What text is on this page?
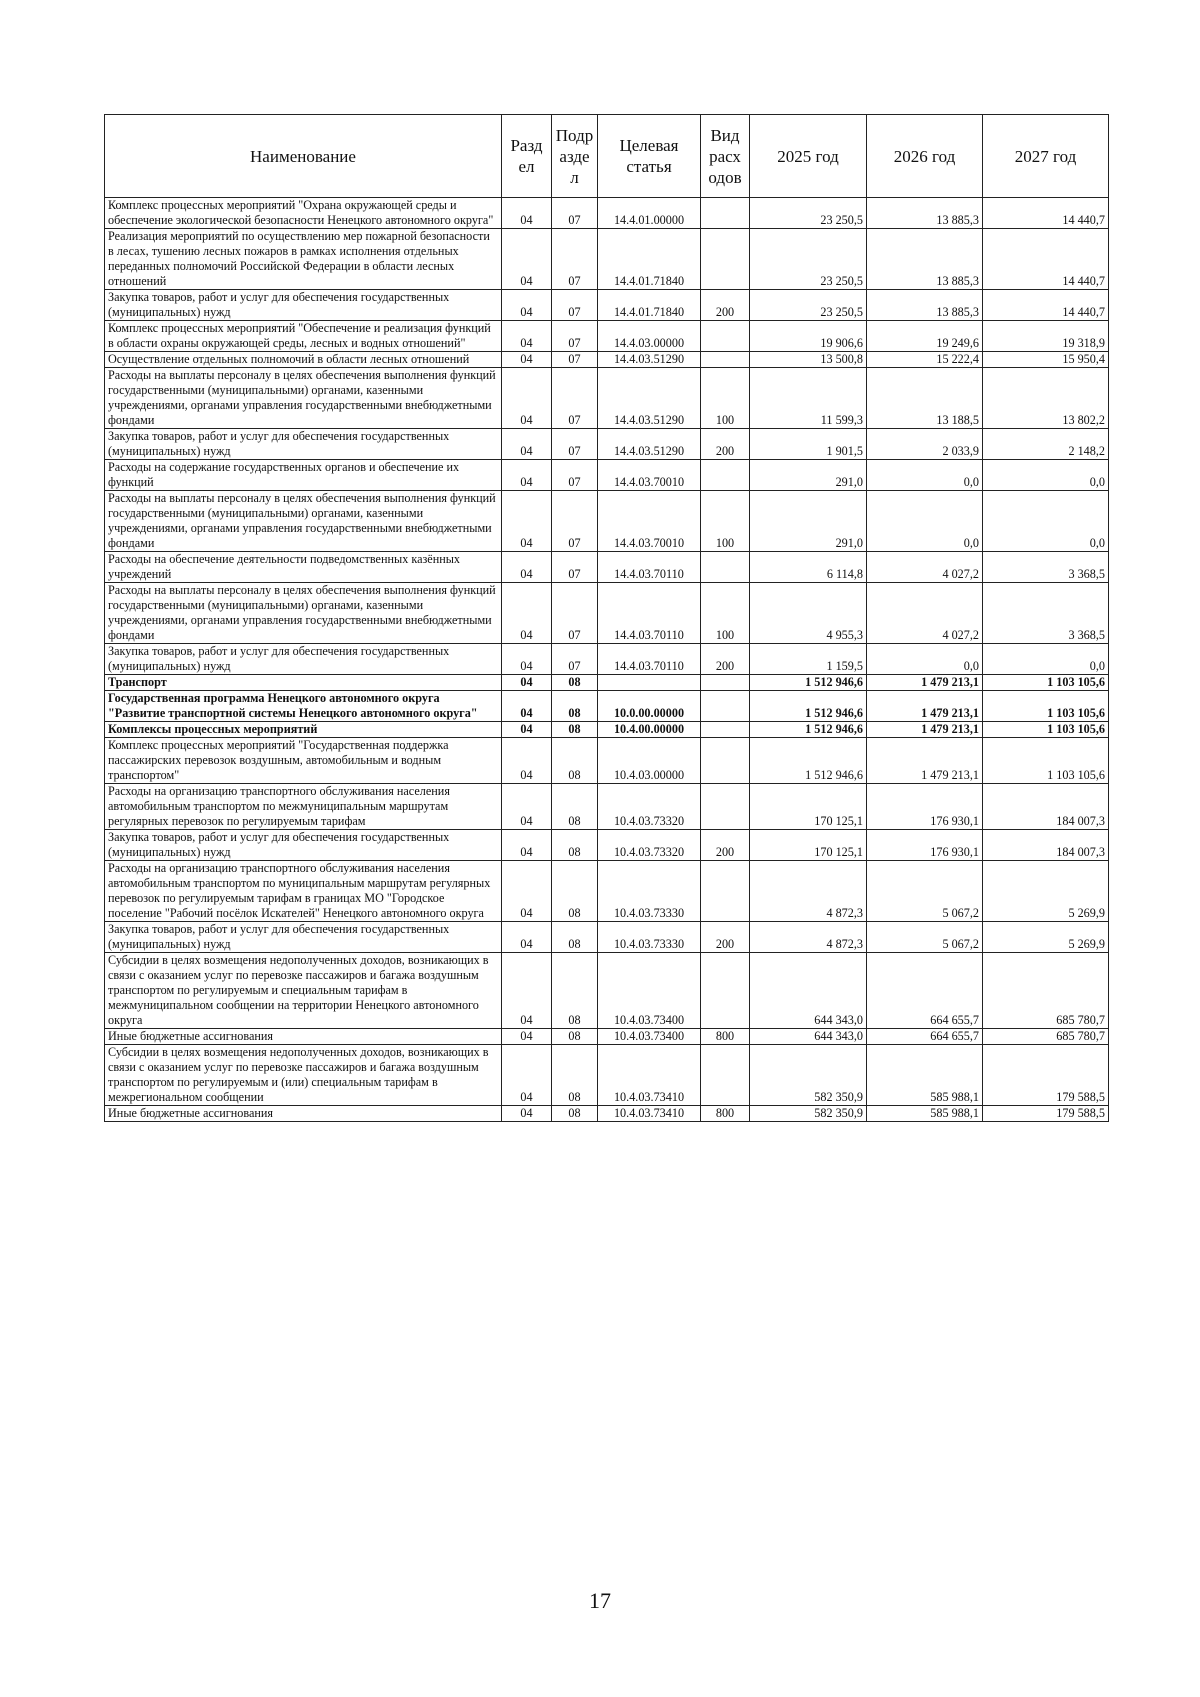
Наименование	Разд ел	Подр азде л	Целевая статья	Вид расх одов	2025 год	2026 год	2027 год
Комплекс процессных мероприятий "Охрана окружающей среды и обеспечение экологической безопасности Ненецкого автономного округа"	04	07	14.4.01.00000		23 250,5	13 885,3	14 440,7
Реализация мероприятий по осуществлению мер пожарной безопасности в лесах, тушению лесных пожаров в рамках исполнения отдельных переданных полномочий Российской Федерации в области лесных отношений	04	07	14.4.01.71840		23 250,5	13 885,3	14 440,7
Закупка товаров, работ и услуг для обеспечения государственных (муниципальных) нужд	04	07	14.4.01.71840	200	23 250,5	13 885,3	14 440,7
Комплекс процессных мероприятий "Обеспечение и реализация функций в области охраны окружающей среды, лесных и водных отношений"	04	07	14.4.03.00000		19 906,6	19 249,6	19 318,9
Осуществление отдельных полномочий в области лесных отношений	04	07	14.4.03.51290		13 500,8	15 222,4	15 950,4
Расходы на выплаты персоналу в целях обеспечения выполнения функций государственными (муниципальными) органами, казенными учреждениями, органами управления государственными внебюджетными фондами	04	07	14.4.03.51290	100	11 599,3	13 188,5	13 802,2
Закупка товаров, работ и услуг для обеспечения государственных (муниципальных) нужд	04	07	14.4.03.51290	200	1 901,5	2 033,9	2 148,2
Расходы на содержание государственных органов и обеспечение их функций	04	07	14.4.03.70010		291,0	0,0	0,0
Расходы на выплаты персоналу в целях обеспечения выполнения функций государственными (муниципальными) органами, казенными учреждениями, органами управления государственными внебюджетными фондами	04	07	14.4.03.70010	100	291,0	0,0	0,0
Расходы на обеспечение деятельности подведомственных казённых учреждений	04	07	14.4.03.70110		6 114,8	4 027,2	3 368,5
Расходы на выплаты персоналу в целях обеспечения выполнения функций государственными (муниципальными) органами, казенными учреждениями, органами управления государственными внебюджетными фондами	04	07	14.4.03.70110	100	4 955,3	4 027,2	3 368,5
Закупка товаров, работ и услуг для обеспечения государственных (муниципальных) нужд	04	07	14.4.03.70110	200	1 159,5	0,0	0,0
Транспорт	04	08			1 512 946,6	1 479 213,1	1 103 105,6
Государственная программа Ненецкого автономного округа "Развитие транспортной системы Ненецкого автономного округа"	04	08	10.0.00.00000		1 512 946,6	1 479 213,1	1 103 105,6
Комплексы процессных мероприятий	04	08	10.4.00.00000		1 512 946,6	1 479 213,1	1 103 105,6
Комплекс процессных мероприятий "Государственная поддержка пассажирских перевозок воздушным, автомобильным и водным транспортом"	04	08	10.4.03.00000		1 512 946,6	1 479 213,1	1 103 105,6
Расходы на организацию транспортного обслуживания населения автомобильным транспортом по межмуниципальным маршрутам регулярных перевозок по регулируемым тарифам	04	08	10.4.03.73320		170 125,1	176 930,1	184 007,3
Закупка товаров, работ и услуг для обеспечения государственных (муниципальных) нужд	04	08	10.4.03.73320	200	170 125,1	176 930,1	184 007,3
Расходы на организацию транспортного обслуживания населения автомобильным транспортом по муниципальным маршрутам регулярных перевозок по регулируемым тарифам в границах МО "Городское поселение "Рабочий посёлок Искателей" Ненецкого автономного округа	04	08	10.4.03.73330		4 872,3	5 067,2	5 269,9
Закупка товаров, работ и услуг для обеспечения государственных (муниципальных) нужд	04	08	10.4.03.73330	200	4 872,3	5 067,2	5 269,9
Субсидии в целях возмещения недополученных доходов, возникающих в связи с оказанием услуг по перевозке пассажиров и багажа воздушным транспортом по регулируемым и специальным тарифам в межмуниципальном сообщении на территории Ненецкого автономного округа	04	08	10.4.03.73400		644 343,0	664 655,7	685 780,7
Иные бюджетные ассигнования	04	08	10.4.03.73400	800	644 343,0	664 655,7	685 780,7
Субсидии в целях возмещения недополученных доходов, возникающих в связи с оказанием услуг по перевозке пассажиров и багажа воздушным транспортом по регулируемым и (или) специальным тарифам в межрегиональном сообщении	04	08	10.4.03.73410		582 350,9	585 988,1	179 588,5
Иные бюджетные ассигнования	04	08	10.4.03.73410	800	582 350,9	585 988,1	179 588,5
17
